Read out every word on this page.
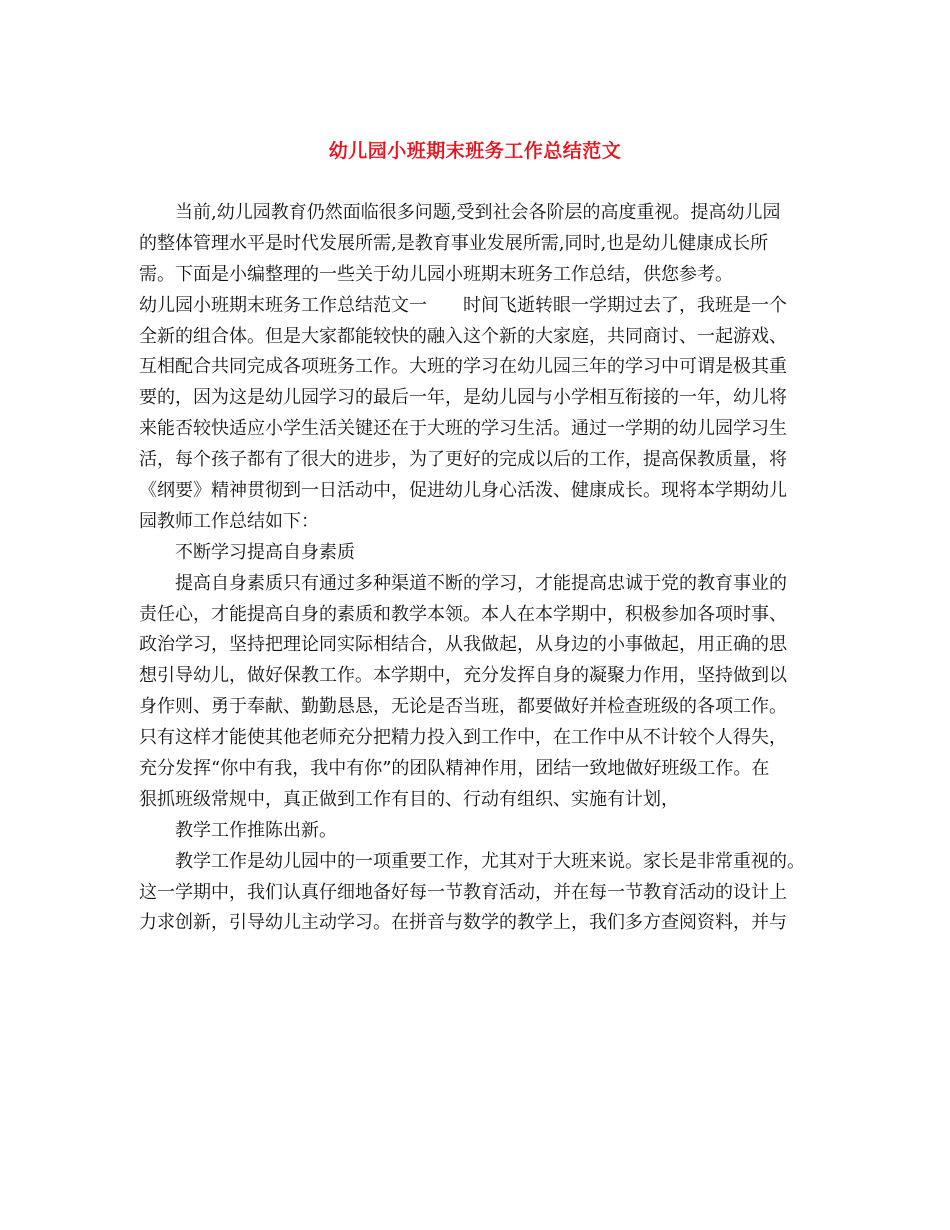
幼儿园小班期末班务工作总结范文
当前,幼儿园教育仍然面临很多问题,受到社会各阶层的高度重视。提高幼儿园
的整体管理水平是时代发展所需,是教育事业发展所需,同时,也是幼儿健康成长所
需。下面是小编整理的一些关于幼儿园小班期末班务工作总结，供您参考。
幼儿园小班期末班务工作总结范文一　　时间飞逝转眼一学期过去了，我班是一个
全新的组合体。但是大家都能较快的融入这个新的大家庭，共同商讨、一起游戏、
互相配合共同完成各项班务工作。大班的学习在幼儿园三年的学习中可谓是极其重
要的，因为这是幼儿园学习的最后一年，是幼儿园与小学相互衔接的一年，幼儿将
来能否较快适应小学生活关键还在于大班的学习生活。通过一学期的幼儿园学习生
活，每个孩子都有了很大的进步，为了更好的完成以后的工作，提高保教质量，将
《纲要》精神贯彻到一日活动中，促进幼儿身心活泼、健康成长。现将本学期幼儿
园教师工作总结如下：
不断学习提高自身素质
提高自身素质只有通过多种渠道不断的学习，才能提高忠诚于党的教育事业的
责任心，才能提高自身的素质和教学本领。本人在本学期中，积极参加各项时事、
政治学习，坚持把理论同实际相结合，从我做起，从身边的小事做起，用正确的思
想引导幼儿，做好保教工作。本学期中，充分发挥自身的凝聚力作用，坚持做到以
身作则、勇于奉献、勤勤恳恳，无论是否当班，都要做好并检查班级的各项工作。
只有这样才能使其他老师充分把精力投入到工作中，在工作中从不计较个人得失，
充分发挥“你中有我，我中有你”的团队精神作用，团结一致地做好班级工作。在
狠抓班级常规中，真正做到工作有目的、行动有组织、实施有计划，
教学工作推陈出新。
教学工作是幼儿园中的一项重要工作，尤其对于大班来说。家长是非常重视的。
这一学期中，我们认真仔细地备好每一节教育活动，并在每一节教育活动的设计上
力求创新，引导幼儿主动学习。在拼音与数学的教学上，我们多方查阅资料，并与
